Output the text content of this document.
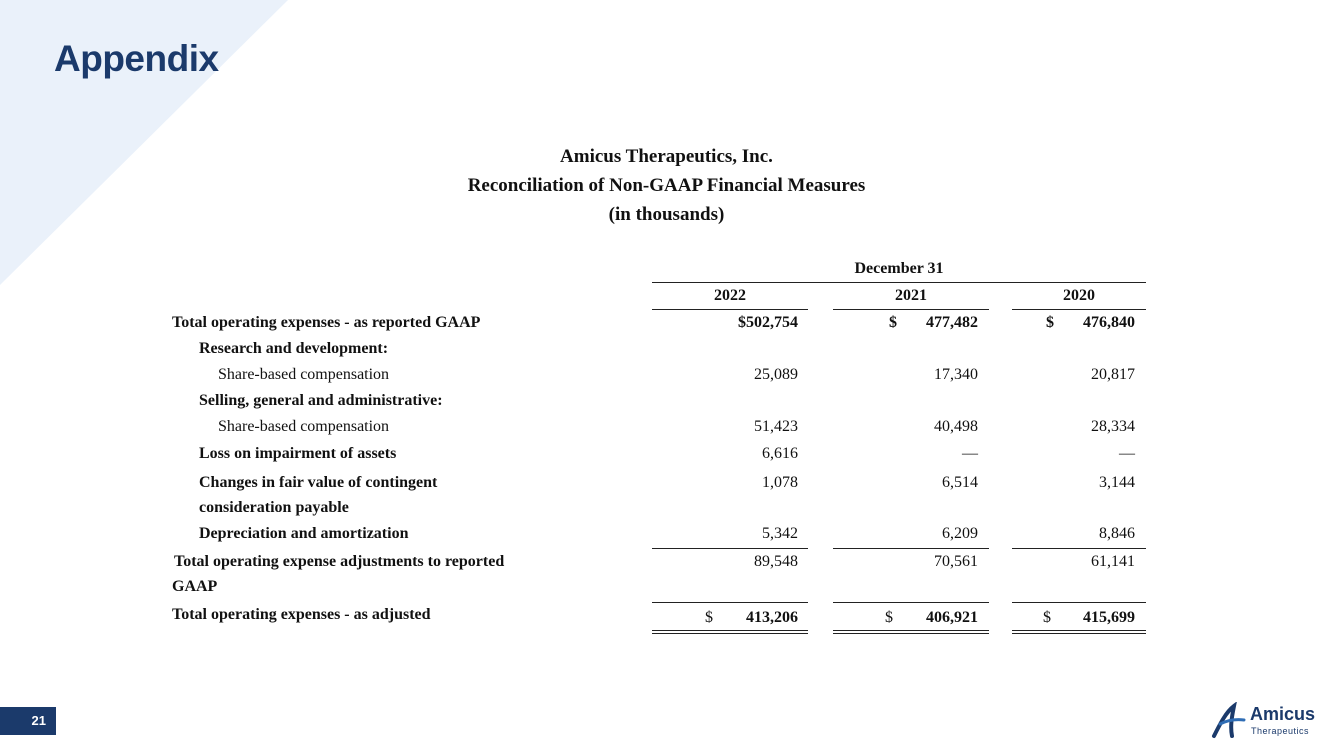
Appendix
Amicus Therapeutics, Inc.
Reconciliation of Non-GAAP Financial Measures
(in thousands)
December 31
2022	2021	2020
Total operating expenses - as reported GAAP	$502,754	$	477,482	$	476,840
Research and development:
Share-based compensation	25,089	17,340	20,817
Selling, general and administrative:
Share-based compensation	51,423	40,498	28,334
Loss on impairment of assets	6,616	—	—
Changes in fair value of contingent
consideration payable
1,078	6,514	3,144
Depreciation and amortization	5,342	6,209	8,846
Total operating expense adjustments to reported
GAAP
89,548	70,561	61,141
Total operating expenses - as adjusted	$	413,206	$	406,921	$	415,699
21	Amicus
Therapeutics
